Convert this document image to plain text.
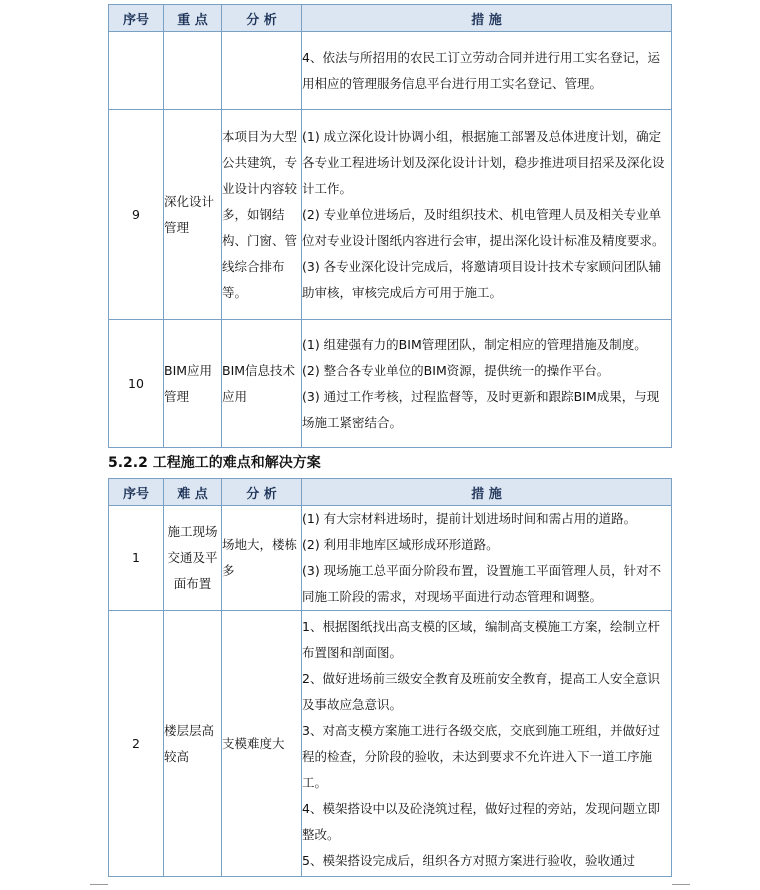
序号	重 点	分 析	措 施

			4、依法与所招用的农民工订立劳动合同并进行用工实名登记，运用相应的管理服务信息平台进行用工实名登记、管理。

9	深化设计管理	本项目为大型公共建筑，专业设计内容较多，如钢结构、门窗、管线综合排布等。	(1) 成立深化设计协调小组，根据施工部署及总体进度计划，确定各专业工程进场计划及深化设计计划，稳步推进项目招采及深化设计工作。
(2) 专业单位进场后，及时组织技术、机电管理人员及相关专业单位对专业设计图纸内容进行会审，提出深化设计标准及精度要求。
(3) 各专业深化设计完成后，将邀请项目设计技术专家顾问团队辅助审核，审核完成后方可用于施工。

10	BIM应用管理	BIM信息技术应用	(1) 组建强有力的BIM管理团队，制定相应的管理措施及制度。
(2) 整合各专业单位的BIM资源，提供统一的操作平台。
(3) 通过工作考核，过程监督等，及时更新和跟踪BIM成果，与现场施工紧密结合。
5.2.2 工程施工的难点和解决方案
序号	难 点	分 析	措 施
1	施工现场交通及平面布置	场地大，楼栋多	(1) 有大宗材料进场时，提前计划进场时间和需占用的道路。
(2) 利用非地库区域形成环形道路。
(3) 现场施工总平面分阶段布置，设置施工平面管理人员，针对不同施工阶段的需求，对现场平面进行动态管理和调整。

2	楼层层高较高	支模难度大	1、根据图纸找出高支模的区域，编制高支模施工方案，绘制立杆布置图和剖面图。
2、做好进场前三级安全教育及班前安全教育，提高工人安全意识及事故应急意识。
3、对高支模方案施工进行各级交底，交底到施工班组，并做好过程的检查，分阶段的验收，未达到要求不允许进入下一道工序施工。
4、模架搭设中以及砼浇筑过程，做好过程的旁站，发现问题立即整改。
5、模架搭设完成后，组织各方对照方案进行验收，验收通过
